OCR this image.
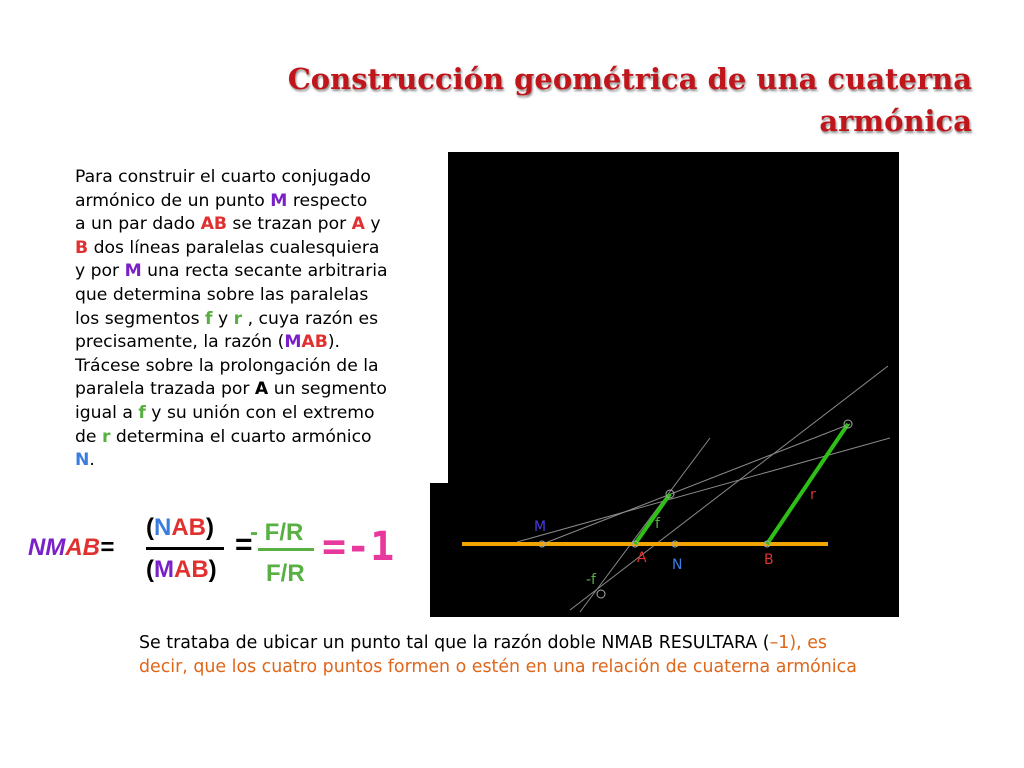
Construcción geométrica de una cuaterna
armónica
Para construir el cuarto conjugado
armónico de un punto M respecto
a un par dado AB se trazan por A y
B dos líneas paralelas cualesquiera
y por M una recta secante arbitraria
que determina sobre las paralelas
los segmentos f y r , cuya razón es
precisamente, la razón (MAB).
Trácese sobre la prolongación de la
paralela trazada por A un segmento
igual a f y su unión con el extremo
de r determina el cuarto armónico
N.
M	f
A N	B
r
-f
NMAB=
(NAB)
(MAB)
=
- F/R
F/R
=-1
Se trataba de ubicar un punto tal que la razón doble NMAB RESULTARA (–1), es
decir, que los cuatro puntos formen o estén en una relación de cuaterna armónica
